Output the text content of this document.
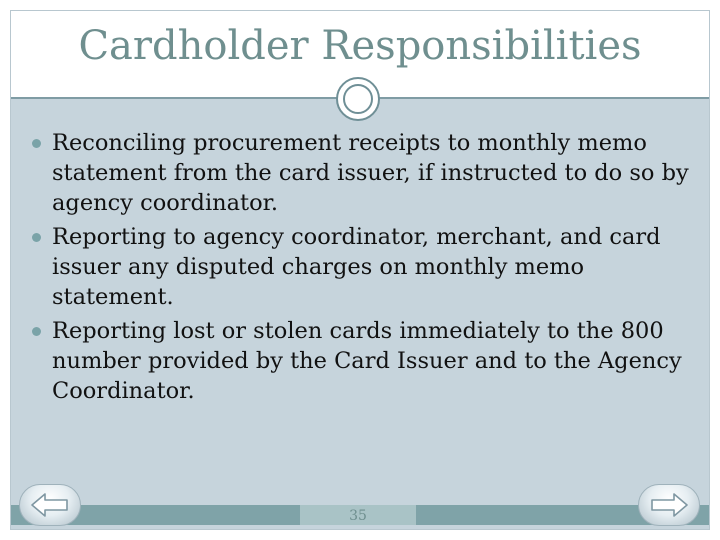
Cardholder Responsibilities
Reconciling procurement receipts to monthly memo statement from the card issuer, if instructed to do so by agency coordinator.
Reporting to agency coordinator, merchant, and card issuer any disputed charges on monthly memo statement.
Reporting lost or stolen cards immediately to the 800 number provided by the Card Issuer and to the Agency Coordinator.
35
